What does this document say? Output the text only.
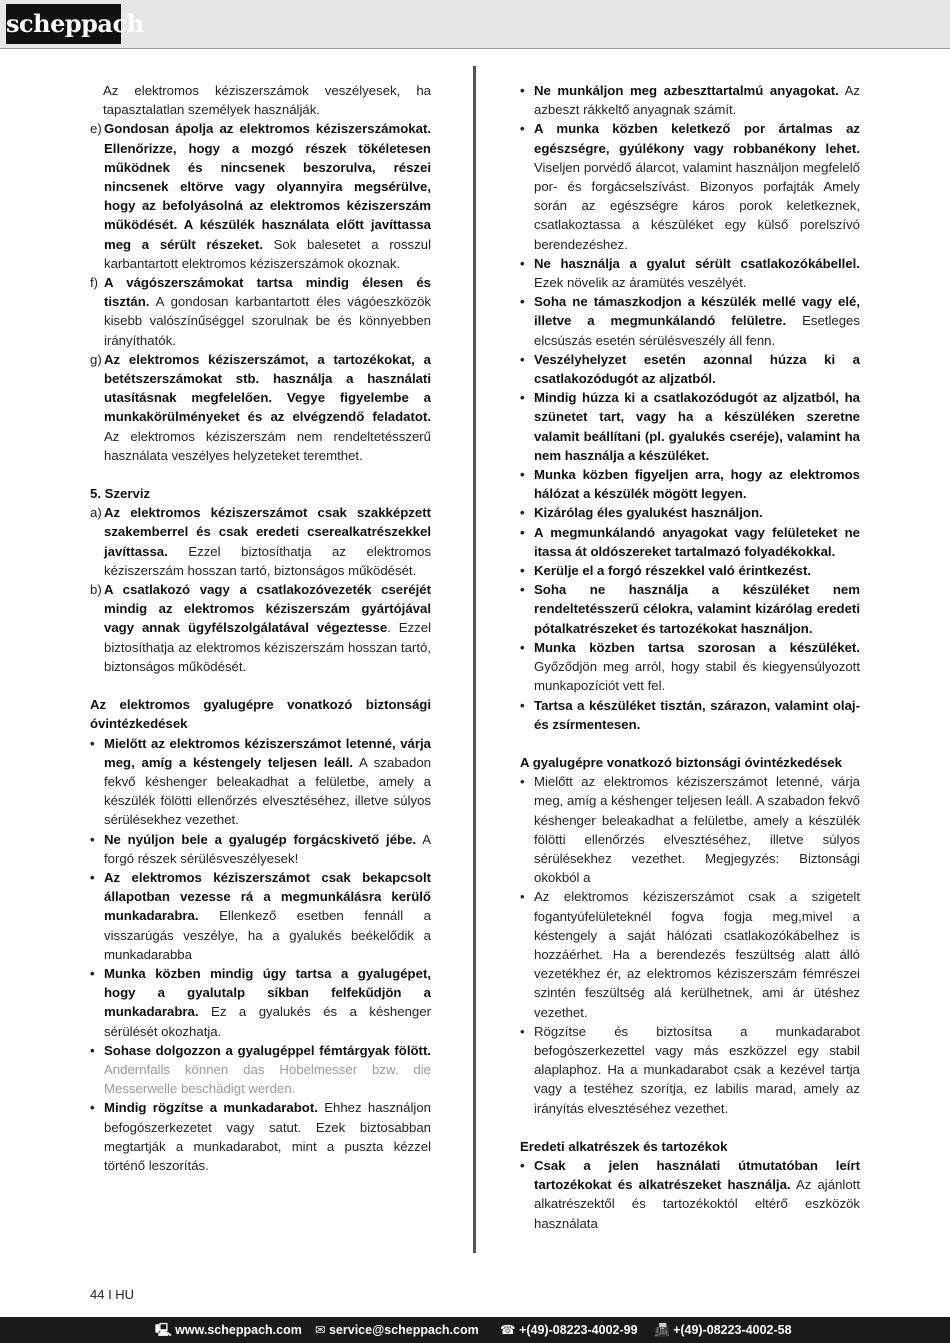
scheppach

Az elektromos kéziszerszámok veszélyesek, ha tapasztalatlan személyek használják.

e) Gondosan ápolja az elektromos kéziszerszámokat. Ellenőrizze, hogy a mozgó részek tökéletesen működnek és nincsenek beszorulva, részei nincsenek eltörve vagy olyannyira megsérülve, hogy az befolyásolná az elektromos kéziszerszám működését. A készülék használata előtt javíttassa meg a sérült részeket. Sok balesetet a rosszul karbantartott elektromos kéziszerszámok okoznak.
f) A vágószerszámokat tartsa mindig élesen és tisztán. A gondosan karbantartott éles vágóeszközök kisebb valószínűséggel szorulnak be és könnyebben irányíthatók.
g) Az elektromos kéziszerszámot, a tartozékokat, a betétszerszámokat stb. használja a használati utasításnak megfelelően. Vegye figyelembe a munkakörülményeket és az elvégzendő feladatot. Az elektromos kéziszerszám nem rendeltetésszerű használata veszélyes helyzeteket teremthet.

5. Szerviz

a) Az elektromos kéziszerszámot csak szakképzett szakemberrel és csak eredeti cserealkatrészekkel javíttassa. Ezzel biztosíthatja az elektromos kéziszerszám hosszan tartó, biztonságos működését.
b) A csatlakozó vagy a csatlakozóvezeték cseréjét mindig az elektromos kéziszerszám gyártójával vagy annak ügyfélszolgálatával végeztesse. Ezzel biztosíthatja az elektromos kéziszerszám hosszan tartó, biztonságos működését.

Az elektromos gyalugépre vonatkozó biztonsági óvintézkedések

• Mielőtt az elektromos kéziszerszámot letenné, várja meg, amíg a késtengely teljesen leáll. A szabadon fekvő késhenger beleakadhat a felületbe, amely a készülék fölötti ellenőrzés elvesztéséhez, illetve súlyos sérülésekhez vezethet.
• Ne nyúljon bele a gyalugép forgácskivető jébe. A forgó részek sérülésveszélyesek!
• Az elektromos kéziszerszámot csak bekapcsolt állapotban vezesse rá a megmunkálásra kerülő munkadarabra. Ellenkező esetben fennáll a visszarúgás veszélye, ha a gyalukés beékelődik a munkadarabba
• Munka közben mindig úgy tartsa a gyalugépet, hogy a gyalutalp síkban felfekűdjön a munkadarabra. Ez a gyalukés és a késhenger sérülését okozhatja.
• Sohase dolgozzon a gyalugéppel fémtárgyak fölött. Andernfalls können das Hobelmesser bzw. die Messerwelle beschädigt werden.
• Mindig rögzítse a munkadarabot. Ehhez használjon befogószerkezetet vagy satut. Ezek biztosabban megtartják a munkadarabot, mint a puszta kézzel történő leszorítás.
• Ne munkáljon meg azbeszttartalmú anyagokat. Az azbeszt rákkeltő anyagnak számít.
• A munka közben keletkező por ártalmas az egészségre, gyúlékony vagy robbanékony lehet. Viseljen porvédő álarcot, valamint használjon megfelelő por- és forgácselszívást. Bizonyos porfajták Amely során az egészségre káros porok keletkeznek, csatlakoztassa a készüléket egy külső porelszívó berendezéshez.
• Ne használja a gyalut sérült csatlakozókábellel. Ezek növelik az áramütés veszélyét.
• Soha ne támaszkodjon a készülék mellé vagy elé, illetve a megmunkálandó felületre. Esetleges elcsúszás esetén sérülésveszély áll fenn.
• Veszélyhelyzet esetén azonnal húzza ki a csatlakozódugót az aljzatból.
• Mindig húzza ki a csatlakozódugót az aljzatból, ha szünetet tart, vagy ha a készüléken szeretne valamit beállítani (pl. gyalukés cseréje), valamint ha nem használja a készüléket.
• Munka közben figyeljen arra, hogy az elektromos hálózat a készülék mögött legyen.
• Kizárólag éles gyalukést használjon.
• A megmunkálandó anyagokat vagy felületeket ne itassa át oldószereket tartalmazó folyadékokkal.
• Kerülje el a forgó részekkel való érintkezést.
• Soha ne használja a készüléket nem rendeltetésszerű célokra, valamint kizárólag eredeti pótalkatrészeket és tartozékokat használjon.
• Munka közben tartsa szorosan a készüléket. Győződjön meg arról, hogy stabil és kiegyensúlyozott munkapozíciót vett fel.
• Tartsa a készüléket tisztán, szárazon, valamint olaj- és zsírmentesen.

A gyalugépre vonatkozó biztonsági óvintézkedések

• Mielőtt az elektromos kéziszerszámot letenné, várja meg, amíg a késhenger teljesen leáll. A szabadon fekvő késhenger beleakadhat a felületbe, amely a készülék fölötti ellenőrzés elvesztéséhez, illetve súlyos sérülésekhez vezethet. Megjegyzés: Biztonsági okokból a
• Az elektromos kéziszerszámot csak a szigetelt fogantyúfelületeknél fogva fogja meg,mivel a késtengely a saját hálózati csatlakozókábelhez is hozzáérhet. Ha a berendezés feszültség alatt álló vezetékhez ér, az elektromos kéziszerszám fémrészei szintén feszültség alá kerülhetnek, ami ár ütéshez vezethet.
• Rögzítse és biztosítsa a munkadarabot befogószerkezettel vagy más eszközzel egy stabil alaplaphoz. Ha a munkadarabot csak a kezével tartja vagy a testéhez szorítja, ez labilis marad, amely az irányítás elvesztéséhez vezethet.

Eredeti alkatrészek és tartozékok

• Csak a jelen használati útmutatóban leírt tartozékokat és alkatrészeket használja. Az ajánlott alkatrészektől és tartozékoktól eltérő eszközök használata
44 I HU
🖳 www.scheppach.com ✉ service@scheppach.com ☎ +(49)-08223-4002-99 📠 +(49)-08223-4002-58
